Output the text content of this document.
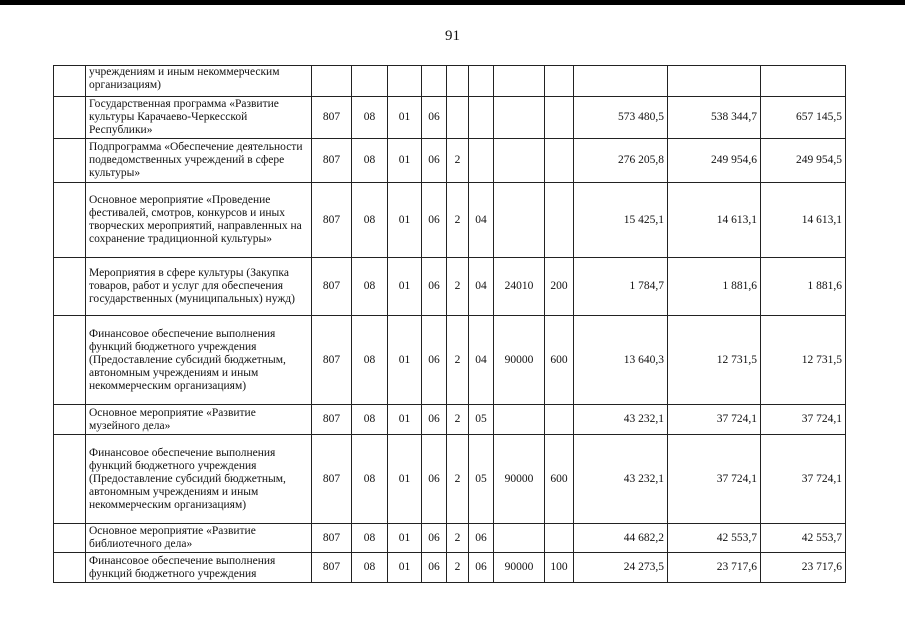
91
	учреждениям и иным некоммерческим организациям)											
	Государственная программа «Развитие культуры Карачаево-Черкесской Республики»	807	08	01	06					573 480,5	538 344,7	657 145,5
	Подпрограмма «Обеспечение деятельности подведомственных учреждений в сфере культуры»	807	08	01	06	2				276 205,8	249 954,6	249 954,5
	Основное мероприятие «Проведение фестивалей, смотров, конкурсов и иных творческих мероприятий, направленных на сохранение традиционной культуры»	807	08	01	06	2	04			15 425,1	14 613,1	14 613,1
	Мероприятия в сфере культуры (Закупка товаров, работ и услуг для обеспечения государственных (муниципальных) нужд)	807	08	01	06	2	04	24010	200	1 784,7	1 881,6	1 881,6
	Финансовое обеспечение выполнения функций бюджетного учреждения (Предоставление субсидий бюджетным, автономным учреждениям и иным некоммерческим организациям)	807	08	01	06	2	04	90000	600	13 640,3	12 731,5	12 731,5
	Основное мероприятие «Развитие музейного дела»	807	08	01	06	2	05			43 232,1	37 724,1	37 724,1
	Финансовое обеспечение выполнения функций бюджетного учреждения (Предоставление субсидий бюджетным, автономным учреждениям и иным некоммерческим организациям)	807	08	01	06	2	05	90000	600	43 232,1	37 724,1	37 724,1
	Основное мероприятие «Развитие библиотечного дела»	807	08	01	06	2	06			44 682,2	42 553,7	42 553,7
	Финансовое обеспечение выполнения функций бюджетного учреждения	807	08	01	06	2	06	90000	100	24 273,5	23 717,6	23 717,6
